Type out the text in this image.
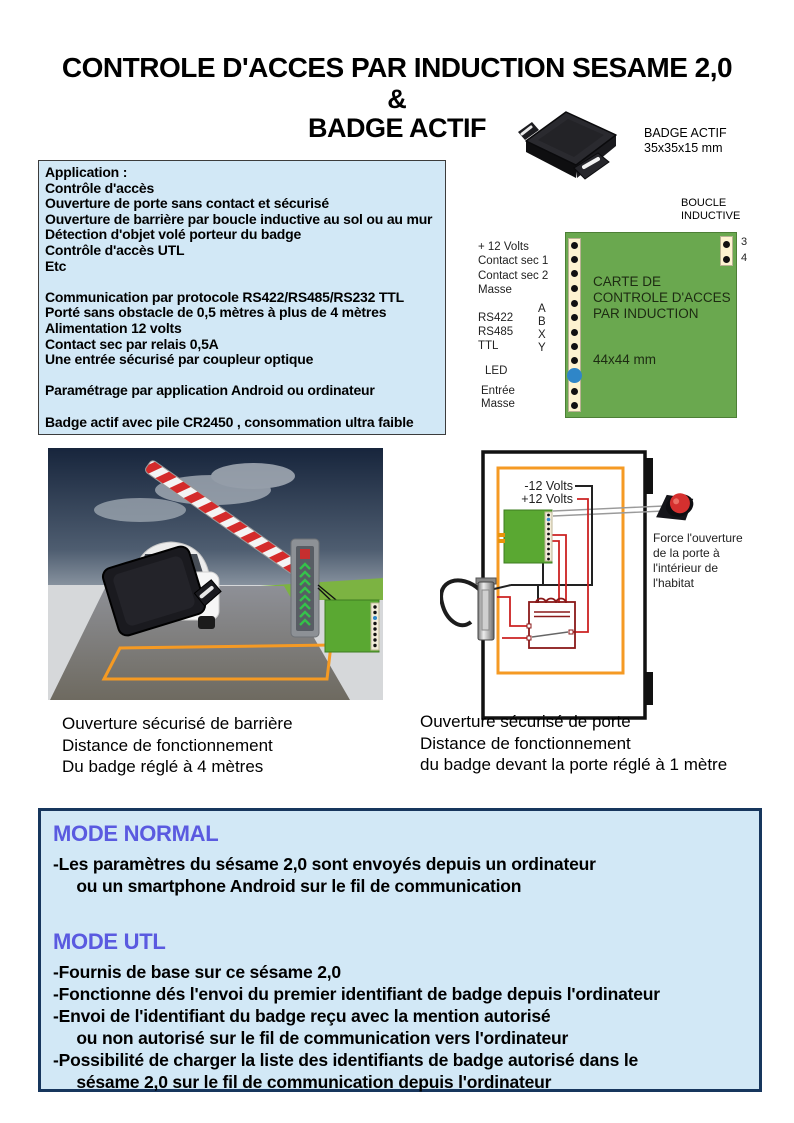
CONTROLE D'ACCES PAR INDUCTION SESAME 2,0
&
BADGE ACTIF	BADGE ACTIF
35x35x15 mm
Application :
Contrôle d'accès
Ouverture de porte sans contact et sécurisé
Ouverture de barrière par boucle inductive au sol ou au mur
Détection d'objet volé porteur du badge
Contrôle d'accès UTL
Etc
Communication par protocole RS422/RS485/RS232 TTL
Porté sans obstacle de 0,5 mètres à plus de 4 mètres
Alimentation 12 volts
Contact sec par relais 0,5A
Une entrée sécurisé par coupleur optique
Paramétrage par application Android ou ordinateur
Badge actif avec pile CR2450 , consommation ultra faible
BOUCLE
INDUCTIVE
3
4
CARTE DE
CONTROLE D'ACCES
PAR INDUCTION
44x44 mm
+ 12 Volts
Contact sec 1
Contact sec 2
Masse
RS422
RS485
TTL
A
B
X
Y
LED
Entrée
Masse
-12 Volts
+12 Volts
Force l'ouverture
de la porte à
l'intérieur de
l'habitat
Ouverture sécurisé de barrière
Distance de fonctionnement
Du badge réglé à 4 mètres
Ouverture sécurisé de porte
Distance de fonctionnement
du badge devant la porte réglé à 1 mètre
MODE NORMAL
-Les paramètres du sésame 2,0 sont envoyés depuis un ordinateur
ou un smartphone Android sur le fil de communication
MODE UTL
-Fournis de base sur ce sésame 2,0
-Fonctionne dés l'envoi du premier identifiant de badge depuis l'ordinateur
-Envoi de l'identifiant du badge reçu avec la mention autorisé
ou non autorisé sur le fil de communication vers l'ordinateur
-Possibilité de charger la liste des identifiants de badge autorisé dans le
sésame 2,0 sur le fil de communication depuis l'ordinateur
